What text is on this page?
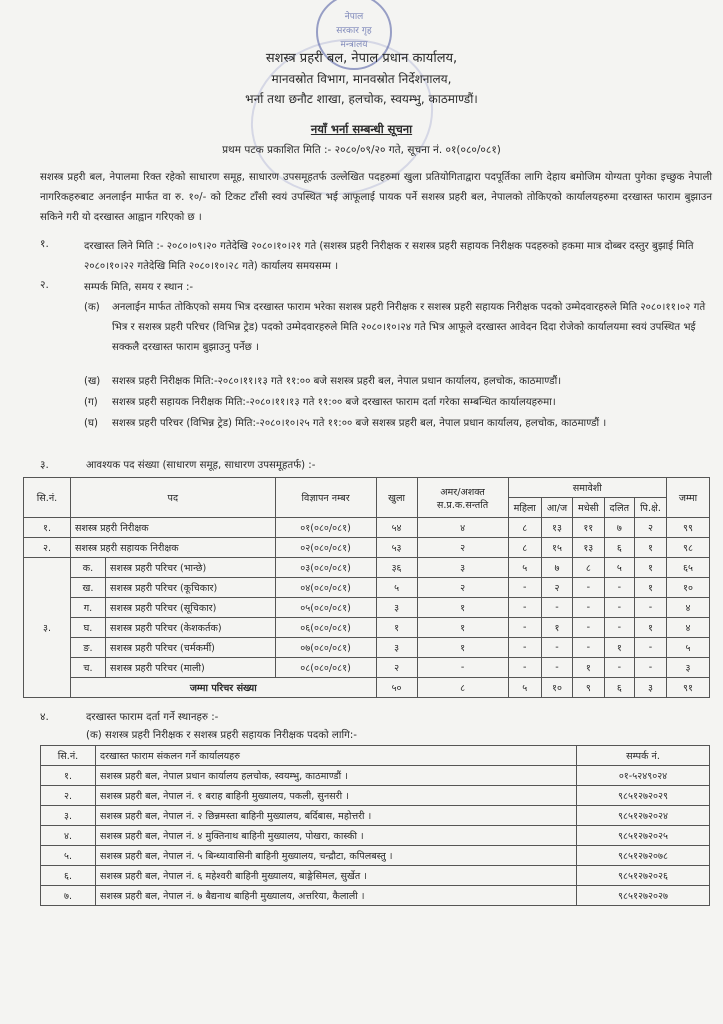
नेपाल सरकार गृह मन्त्रालय
सशस्त्र प्रहरी बल, नेपाल प्रधान कार्यालय,
मानवस्रोत विभाग, मानवस्रोत निर्देशनालय,
भर्ना तथा छनौट शाखा, हलचोक, स्वयम्भु, काठमाण्डौं।
नयाँ भर्ना सम्बन्धी सूचना
प्रथम पटक प्रकाशित मिति :- २०८०/०९/२० गते, सूचना नं. ०१(०८०/०८१)
सशस्त्र प्रहरी बल, नेपालमा रिक्त रहेको साधारण समूह, साधारण उपसमूहतर्फ उल्लेखित पदहरुमा खुला प्रतियोगिताद्वारा पदपूर्तिका लागि देहाय बमोजिम योग्यता पुगेका इच्छुक नेपाली नागरिकहरुबाट अनलाईन मार्फत वा रु. १०/- को टिकट टाँसी स्वयं उपस्थित भई आफूलाई पायक पर्ने सशस्त्र प्रहरी बल, नेपालको तोकिएको कार्यालयहरुमा दरखास्त फाराम बुझाउन सकिने गरी यो दरखास्त आह्वान गरिएको छ ।
१.	दरखास्त लिने मिति :- २०८०।०९।२० गतेदेखि २०८०।१०।२१ गते (सशस्त्र प्रहरी निरीक्षक र सशस्त्र प्रहरी सहायक निरीक्षक पदहरुको हकमा मात्र दोब्बर दस्तुर बुझाई मिति २०८०।१०।२२ गतेदेखि मिति २०८०।१०।२८ गते) कार्यालय समयसम्म ।
२.	सम्पर्क मिति, समय र स्थान :-
(क) अनलाईन मार्फत तोकिएको समय भित्र दरखास्त फाराम भरेका सशस्त्र प्रहरी निरीक्षक र सशस्त्र प्रहरी सहायक निरीक्षक पदको उम्मेदवारहरुले मिति २०८०।११।०२ गते भित्र र सशस्त्र प्रहरी परिचर (विभिन्न ट्रेड) पदको उम्मेदवारहरुले मिति २०८०।१०।२४ गते भित्र आफूले दरखास्त आवेदन दिदा रोजेको कार्यालयमा स्वयं उपस्थित भई सक्कलै दरखास्त फाराम बुझाउनु पर्नेछ ।
(ख) सशस्त्र प्रहरी निरीक्षक मिति:-२०८०।११।१३ गते ११:०० बजे सशस्त्र प्रहरी बल, नेपाल प्रधान कार्यालय, हलचोक, काठमाण्डौं।
(ग) सशस्त्र प्रहरी सहायक निरीक्षक मिति:-२०८०।११।१३ गते ११:०० बजे दरखास्त फाराम दर्ता गरेका सम्बन्धित कार्यालयहरुमा।
(घ) सशस्त्र प्रहरी परिचर (विभिन्न ट्रेड) मिति:-२०८०।१०।२५ गते ११:०० बजे सशस्त्र प्रहरी बल, नेपाल प्रधान कार्यालय, हलचोक, काठमाण्डौं ।
३.	आवश्यक पद संख्या (साधारण समूह, साधारण उपसमूहतर्फ) :-
सि.नं.	पद		विज्ञापन नम्बर	खुला	अमर/अशक्त स.प्र.क.सन्तति	समावेशी					जम्मा
						महिला	आ/ज	मधेसी	दलित	पि.क्षे.	
१.	सशस्त्र प्रहरी निरीक्षक		०१(०८०/०८१)	५४	४	८	१३	११	७	२	९९
२.	सशस्त्र प्रहरी सहायक निरीक्षक		०२(०८०/०८१)	५३	२	८	१५	१३	६	१	९८
३.	क.	सशस्त्र प्रहरी परिचर (भान्छे)	०३(०८०/०८१)	३६	३	५	७	८	५	१	६५
	ख.	सशस्त्र प्रहरी परिचर (कूचिकार)	०४(०८०/०८१)	५	२	-	२	-	-	१	१०
	ग.	सशस्त्र प्रहरी परिचर (सूचिकार)	०५(०८०/०८१)	३	१	-	-	-	-	-	४
	घ.	सशस्त्र प्रहरी परिचर (केशकर्तक)	०६(०८०/०८१)	१	१	-	१	-	-	१	४
	ङ.	सशस्त्र प्रहरी परिचर (चर्मकर्मी)	०७(०८०/०८१)	३	१	-	-	-	१	-	५
	च.	सशस्त्र प्रहरी परिचर (माली)	०८(०८०/०८१)	२	-	-	-	१	-	-	३
	जम्मा परिचर संख्या			५०	८	५	१०	९	६	३	९१
४.	दरखास्त फाराम दर्ता गर्ने स्थानहरु :-
(क) सशस्त्र प्रहरी निरीक्षक र सशस्त्र प्रहरी सहायक निरीक्षक पदको लागि:-
सि.नं.	दरखास्त फाराम संकलन गर्ने कार्यालयहरु	सम्पर्क नं.
१.	सशस्त्र प्रहरी बल, नेपाल प्रधान कार्यालय हलचोक, स्वयम्भु, काठमाण्डौं ।	०१-५२४९०२४
२.	सशस्त्र प्रहरी बल, नेपाल नं. १ बराह बाहिनी मुख्यालय, पकली, सुनसरी ।	९८५१२७२०२९
३.	सशस्त्र प्रहरी बल, नेपाल नं. २ छिन्नमस्ता बाहिनी मुख्यालय, बर्दिबास, महोत्तरी ।	९८५१२७२०२४
४.	सशस्त्र प्रहरी बल, नेपाल नं. ४ मुक्तिनाथ बाहिनी मुख्यालय, पोखरा, कास्की ।	९८५१२७२०२५
५.	सशस्त्र प्रहरी बल, नेपाल नं. ५ बिन्ध्यावासिनी बाहिनी मुख्यालय, चन्द्रौटा, कपिलबस्तु ।	९८५१२७२०७८
६.	सशस्त्र प्रहरी बल, नेपाल नं. ६ महेश्वरी बाहिनी मुख्यालय, बाङ्गेसिमल, सुर्खेत ।	९८५१२७२०२६
७.	सशस्त्र प्रहरी बल, नेपाल नं. ७ बैद्यनाथ बाहिनी मुख्यालय, अत्तरिया, कैलाली ।	९८५१२७२०२७
